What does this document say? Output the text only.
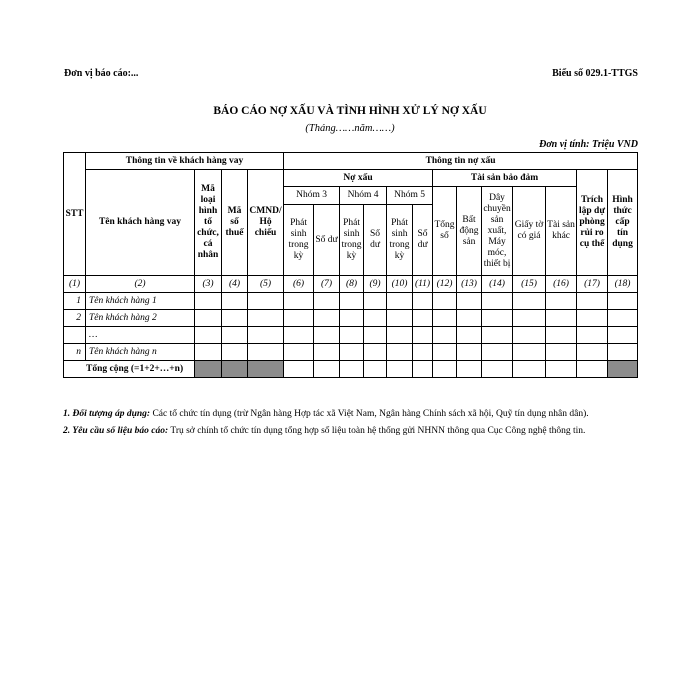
Đơn vị báo cáo:...	Biểu số 029.1-TTGS
BÁO CÁO NỢ XẤU VÀ TÌNH HÌNH XỬ LÝ NỢ XẤU
(Tháng……năm……)
Đơn vị tính: Triệu VND
STT	Thông tin về khách hàng vay				Thông tin nợ xấu												
	Tên khách hàng vay	Mã loại hình tổ chức, cá nhân	Mã số thuế	CMND/ Hộ chiếu	Nợ xấu						Tài sản bảo đảm					Trích lập dự phòng rủi ro cụ thể	Hình thức cấp tín dụng
					Nhóm 3		Nhóm 4		Nhóm 5		Tổng số	Bất động sản	Dây chuyền sản xuất, Máy móc, thiết bị	Giấy tờ có giá	Tài sản khác		
					Phát sinh trong kỳ	Số dư	Phát sinh trong kỳ	Số dư	Phát sinh trong kỳ	Số dư							
(1)	(2)	(3)	(4)	(5)	(6)	(7)	(8)	(9)	(10)	(11)	(12)	(13)	(14)	(15)	(16)	(17)	(18)
1	Tên khách hàng 1																
2	Tên khách hàng 2																
	…																
n	Tên khách hàng n																
Tổng cộng (=1+2+…+n)																	

1. Đối tượng áp dụng: Các tổ chức tín dụng (trừ Ngân hàng Hợp tác xã Việt Nam, Ngân hàng Chính sách xã hội, Quỹ tín dụng nhân dân).

2. Yêu cầu số liệu báo cáo: Trụ sở chính tổ chức tín dụng tổng hợp số liệu toàn hệ thống gửi NHNN thông qua Cục Công nghệ thông tin.
